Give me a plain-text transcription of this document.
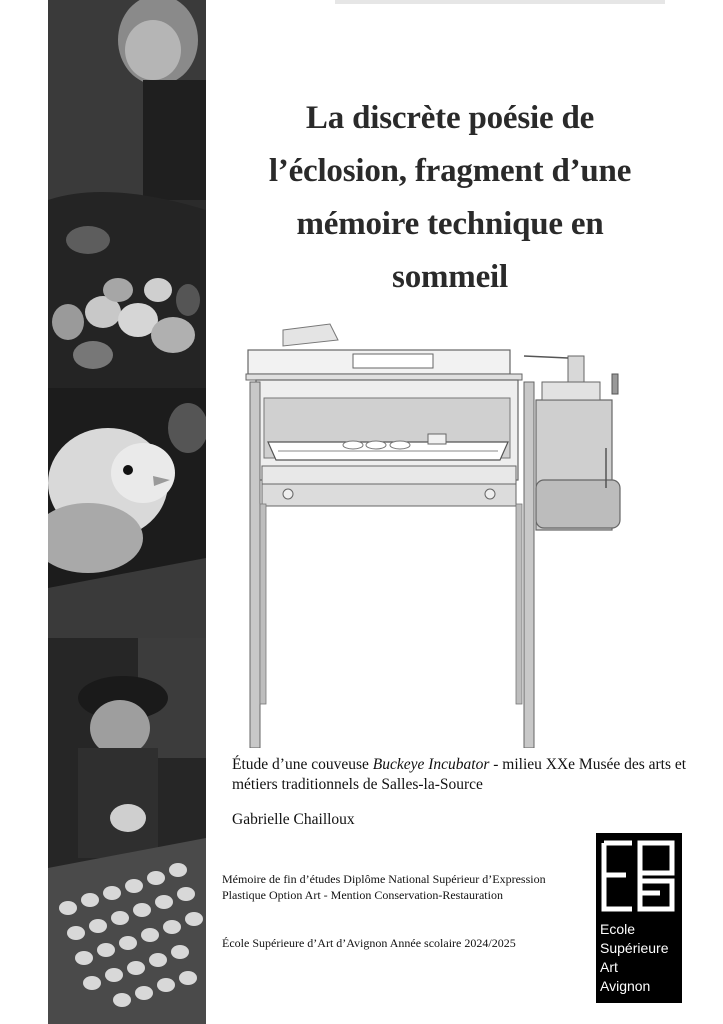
La discrète poésie de
l’éclosion, fragment d’une
mémoire technique en
sommeil

Étude d’une couveuse Buckeye Incubator - milieu XXe Musée des arts et métiers traditionnels de Salles-la-Source

Gabrielle Chailloux

Mémoire de fin d’études Diplôme National Supérieur d’Expression Plastique Option Art - Mention Conservation-Restauration

École Supérieure d’Art d’Avignon Année scolaire 2024/2025
Ecole
Supérieure
Art
Avignon
